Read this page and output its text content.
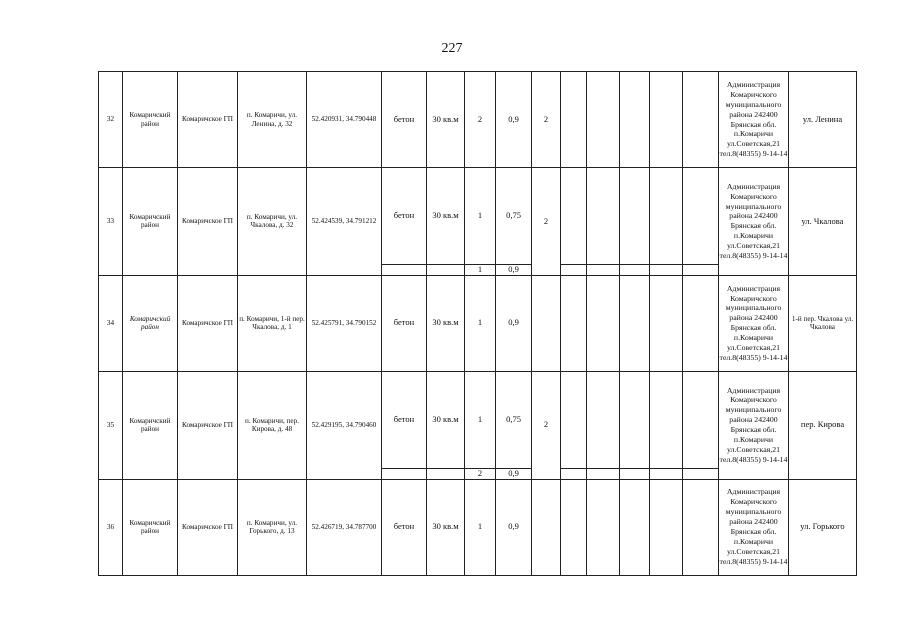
227
32	Комаричский район	Комаричское ГП	п. Комаричи, ул. Ленина, д. 32	52.420931, 34.790448	бетон	30 кв.м	2	0,9	2						Администрация Комаричского муниципального района 242400 Брянская обл. п.Комаричи ул.Советская,21 тел.8(48355) 9-14-14	ул. Ленина
33	Комаричский район	Комаричское ГП	п. Комаричи, ул. Чкалова, д. 32	52.424539, 34.791212	бетон	30 кв.м	1	0,75	2						Администрация Комаричского муниципального района 242400 Брянская обл. п.Комаричи ул.Советская,21 тел.8(48355) 9-14-14	ул. Чкалова
							1	0,9								
34	Комаричский район	Комаричское ГП	п. Комаричи, 1-й пер. Чкалова, д. 1	52.425791, 34.790152	бетон	30 кв.м	1	0,9							Администрация Комаричского муниципального района 242400 Брянская обл. п.Комаричи ул.Советская,21 тел.8(48355) 9-14-14	1-й пер. Чкалова ул. Чкалова
35	Комаричский район	Комаричское ГП	п. Комаричи, пер. Кирова, д. 48	52.429195, 34.790460	бетон	30 кв.м	1	0,75	2						Администрация Комаричского муниципального района 242400 Брянская обл. п.Комаричи ул.Советская,21 тел.8(48355) 9-14-14	пер. Кирова
							2	0,9								
36	Комаричский район	Комаричское ГП	п. Комаричи, ул. Горького, д. 13	52.426719, 34.787700	бетон	30 кв.м	1	0,9							Администрация Комаричского муниципального района 242400 Брянская обл. п.Комаричи ул.Советская,21 тел.8(48355) 9-14-14	ул. Горького
